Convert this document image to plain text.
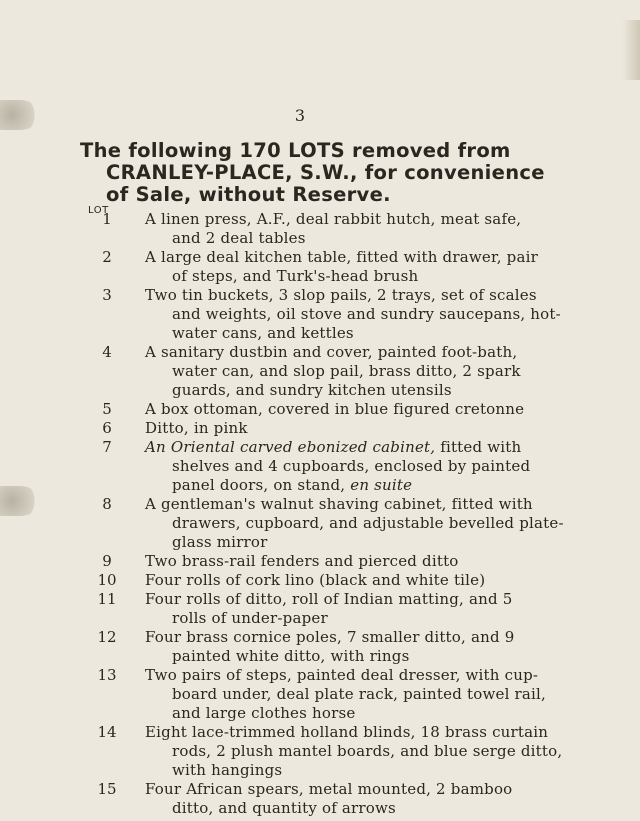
3
The following 170 LOTS removed from
CRANLEY-PLACE, S.W., for convenience
of Sale, without Reserve.
LOT
1	A linen press, A.F., deal rabbit hutch, meat safe,
and 2 deal tables
2	A large deal kitchen table, fitted with drawer, pair
of steps, and Turk's-head brush
3	Two tin buckets, 3 slop pails, 2 trays, set of scales
and weights, oil stove and sundry saucepans, hot-
water cans, and kettles
4	A sanitary dustbin and cover, painted foot-bath,
water can, and slop pail, brass ditto, 2 spark
guards, and sundry kitchen utensils
5	A box ottoman, covered in blue figured cretonne
6	Ditto, in pink
7	An Oriental carved ebonized cabinet, fitted with
shelves and 4 cupboards, enclosed by painted
panel doors, on stand, en suite
8	A gentleman's walnut shaving cabinet, fitted with
drawers, cupboard, and adjustable bevelled plate-
glass mirror
9	Two brass-rail fenders and pierced ditto
10	Four rolls of cork lino (black and white tile)
11	Four rolls of ditto, roll of Indian matting, and 5
rolls of under-paper
12	Four brass cornice poles, 7 smaller ditto, and 9
painted white ditto, with rings
13	Two pairs of steps, painted deal dresser, with cup-
board under, deal plate rack, painted towel rail,
and large clothes horse
14	Eight lace-trimmed holland blinds, 18 brass curtain
rods, 2 plush mantel boards, and blue serge ditto,
with hangings
15	Four African spears, metal mounted, 2 bamboo
ditto, and quantity of arrows
